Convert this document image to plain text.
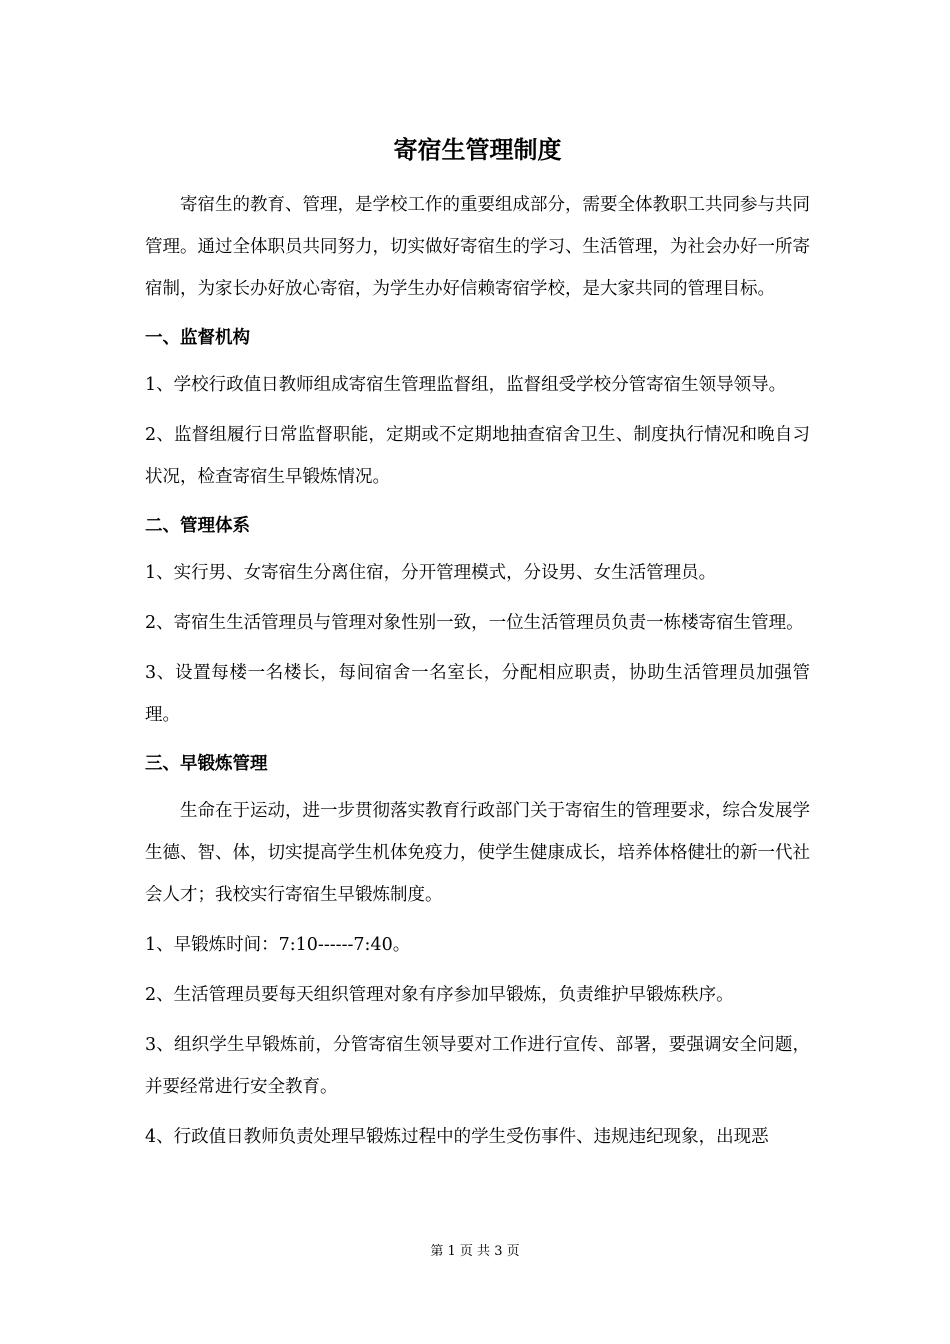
寄宿生管理制度

寄宿生的教育、管理，是学校工作的重要组成部分，需要全体教职工共同参与共同管理。通过全体职员共同努力，切实做好寄宿生的学习、生活管理，为社会办好一所寄宿制，为家长办好放心寄宿，为学生办好信赖寄宿学校，是大家共同的管理目标。

一、监督机构

1、学校行政值日教师组成寄宿生管理监督组，监督组受学校分管寄宿生领导领导。

2、监督组履行日常监督职能，定期或不定期地抽查宿舍卫生、制度执行情况和晚自习状况，检查寄宿生早锻炼情况。

二、管理体系

1、实行男、女寄宿生分离住宿，分开管理模式，分设男、女生活管理员。

2、寄宿生生活管理员与管理对象性别一致，一位生活管理员负责一栋楼寄宿生管理。

3、设置每楼一名楼长，每间宿舍一名室长，分配相应职责，协助生活管理员加强管理。

三、早锻炼管理

生命在于运动，进一步贯彻落实教育行政部门关于寄宿生的管理要求，综合发展学生德、智、体，切实提高学生机体免疫力，使学生健康成长，培养体格健壮的新一代社会人才；我校实行寄宿生早锻炼制度。

1、早锻炼时间：7:10------7:40。

2、生活管理员要每天组织管理对象有序参加早锻炼，负责维护早锻炼秩序。

3、组织学生早锻炼前，分管寄宿生领导要对工作进行宣传、部署，要强调安全问题，并要经常进行安全教育。

4、行政值日教师负责处理早锻炼过程中的学生受伤事件、违规违纪现象，出现恶

第 1 页 共 3 页
